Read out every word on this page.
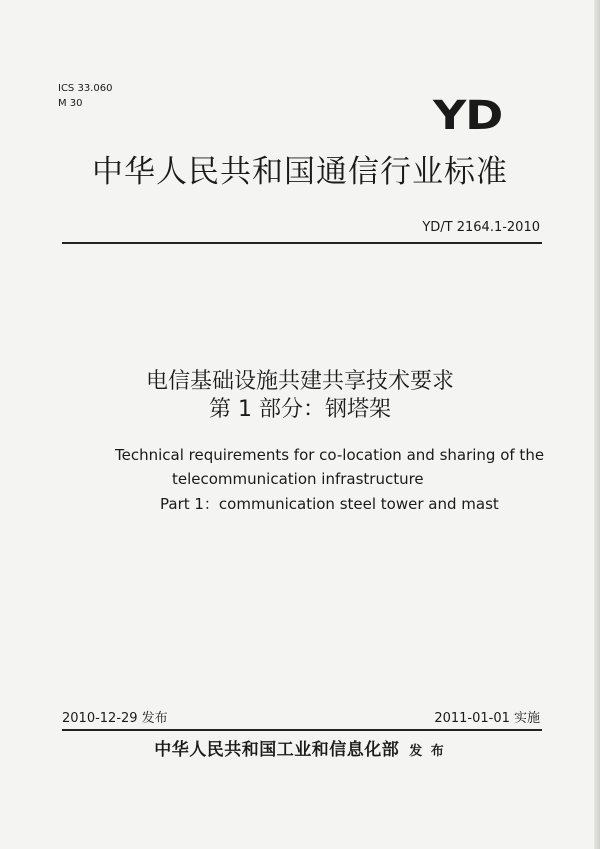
ICS 33.060
M 30	YD
中华人民共和国通信行业标准
YD/T 2164.1-2010
电信基础设施共建共享技术要求
第 1 部分：钢塔架
Technical requirements for co-location and sharing of the
telecommunication infrastructure
Part 1：communication steel tower and mast
2010-12-29 发布	2011-01-01 实施
中华人民共和国工业和信息化部 发 布
